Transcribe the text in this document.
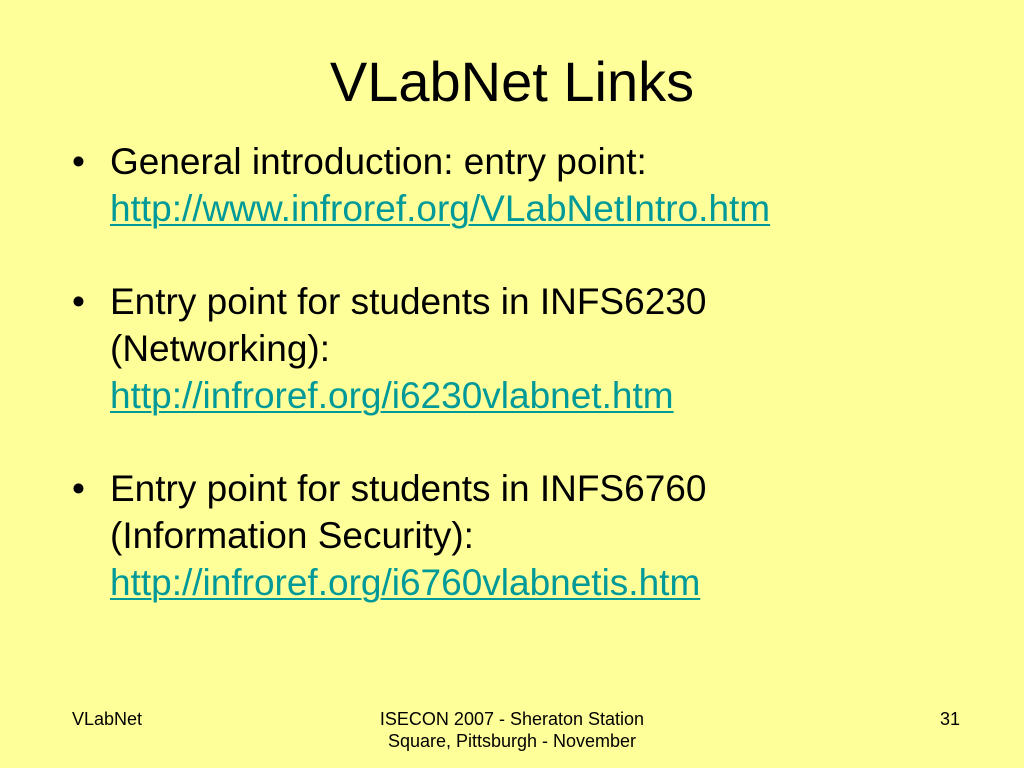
VLabNet Links
• General introduction: entry point:
http://www.infroref.org/VLabNetIntro.htm
• Entry point for students in INFS6230
(Networking):
http://infroref.org/i6230vlabnet.htm
• Entry point for students in INFS6760
(Information Security):
http://infroref.org/i6760vlabnetis.htm
VLabNet	ISECON 2007 - Sheraton Station
Square, Pittsburgh - November
31
